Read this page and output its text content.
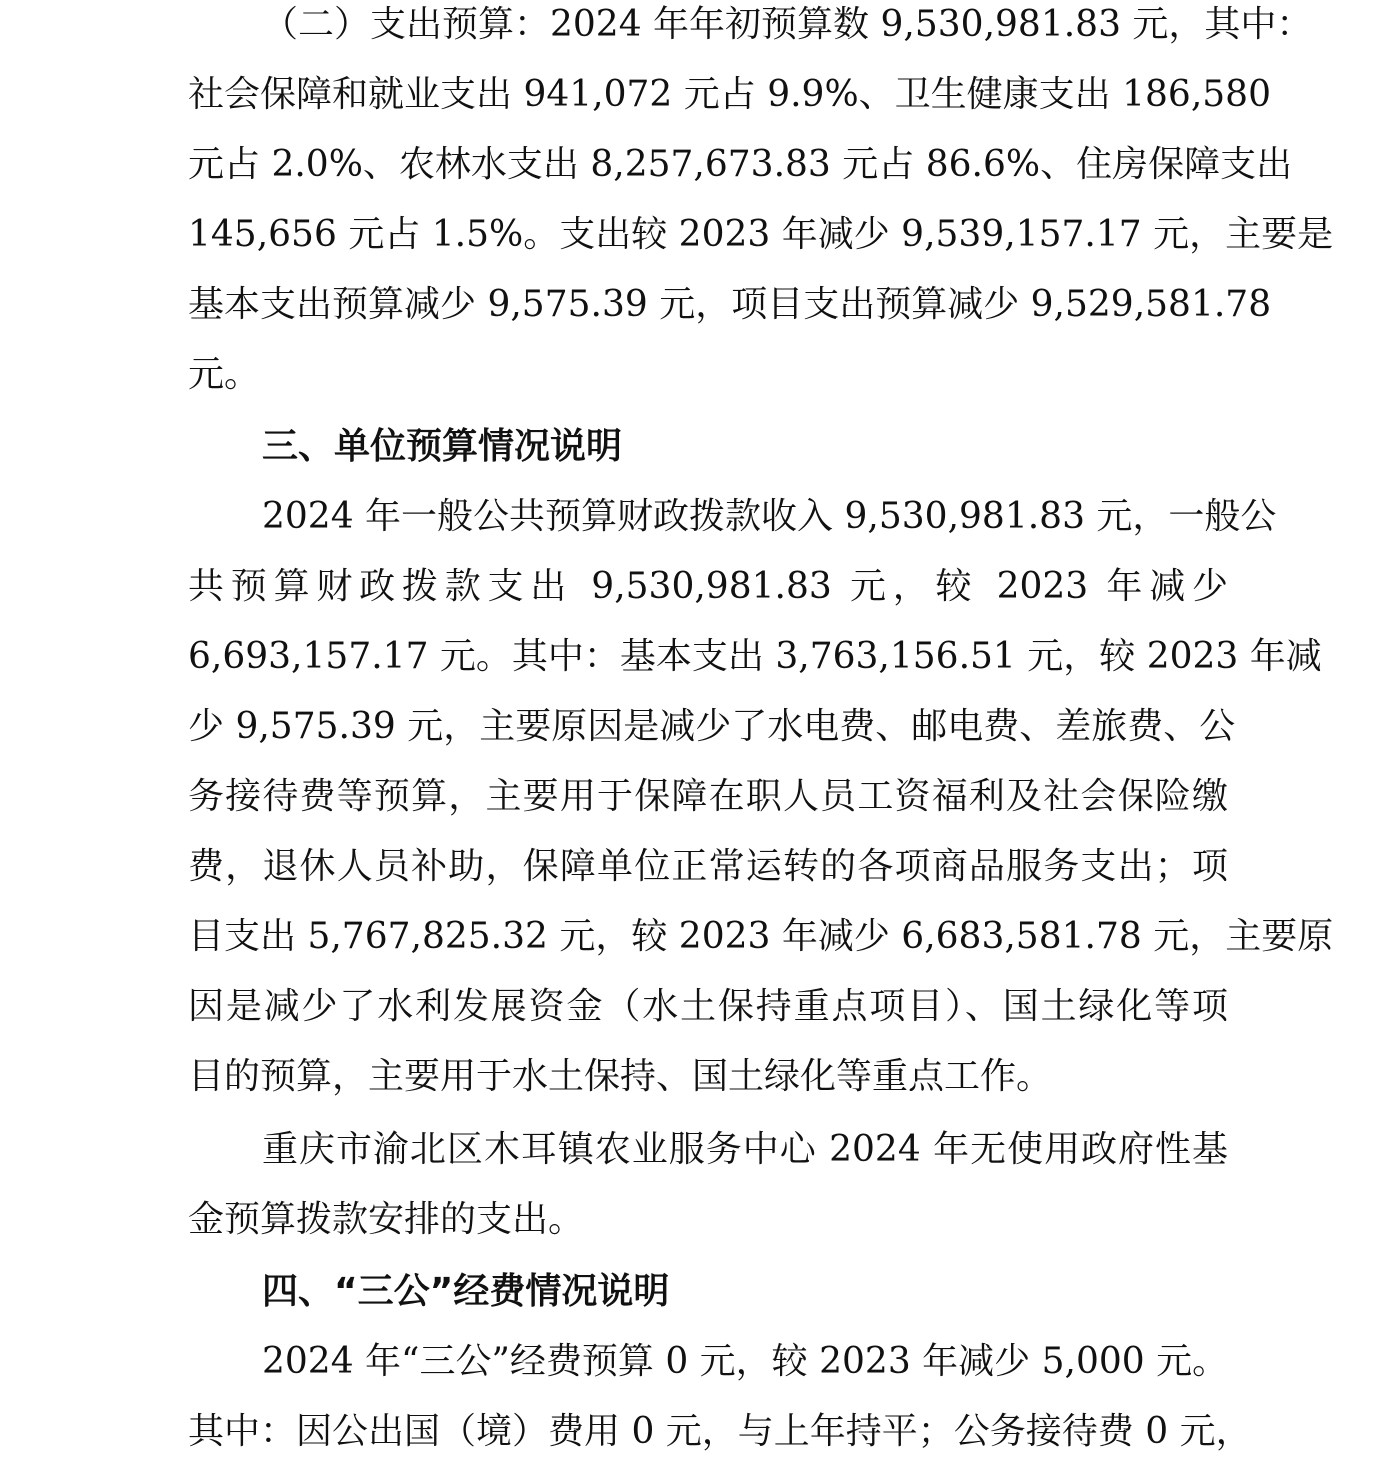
（二）支出预算：2024 年年初预算数 9,530,981.83 元，其中：
社会保障和就业支出 941,072 元占 9.9%、卫生健康支出 186,580
元占 2.0%、农林水支出 8,257,673.83 元占 86.6%、住房保障支出
145,656 元占 1.5%。支出较 2023 年减少 9,539,157.17 元，主要是
基本支出预算减少 9,575.39 元，项目支出预算减少 9,529,581.78
元。
三、单位预算情况说明
2024 年一般公共预算财政拨款收入 9,530,981.83 元，一般公
共预算财政拨款支出 9,530,981.83 元，较 2023 年减少
6,693,157.17 元。其中：基本支出 3,763,156.51 元，较 2023 年减
少 9,575.39 元，主要原因是减少了水电费、邮电费、差旅费、公
务接待费等预算，主要用于保障在职人员工资福利及社会保险缴
费，退休人员补助，保障单位正常运转的各项商品服务支出；项
目支出 5,767,825.32 元，较 2023 年减少 6,683,581.78 元，主要原
因是减少了水利发展资金（水土保持重点项目）、国土绿化等项
目的预算，主要用于水土保持、国土绿化等重点工作。
重庆市渝北区木耳镇农业服务中心 2024 年无使用政府性基
金预算拨款安排的支出。
四、“三公”经费情况说明
2024 年“三公”经费预算 0 元，较 2023 年减少 5,000 元。
其中：因公出国（境）费用 0 元，与上年持平；公务接待费 0 元，
